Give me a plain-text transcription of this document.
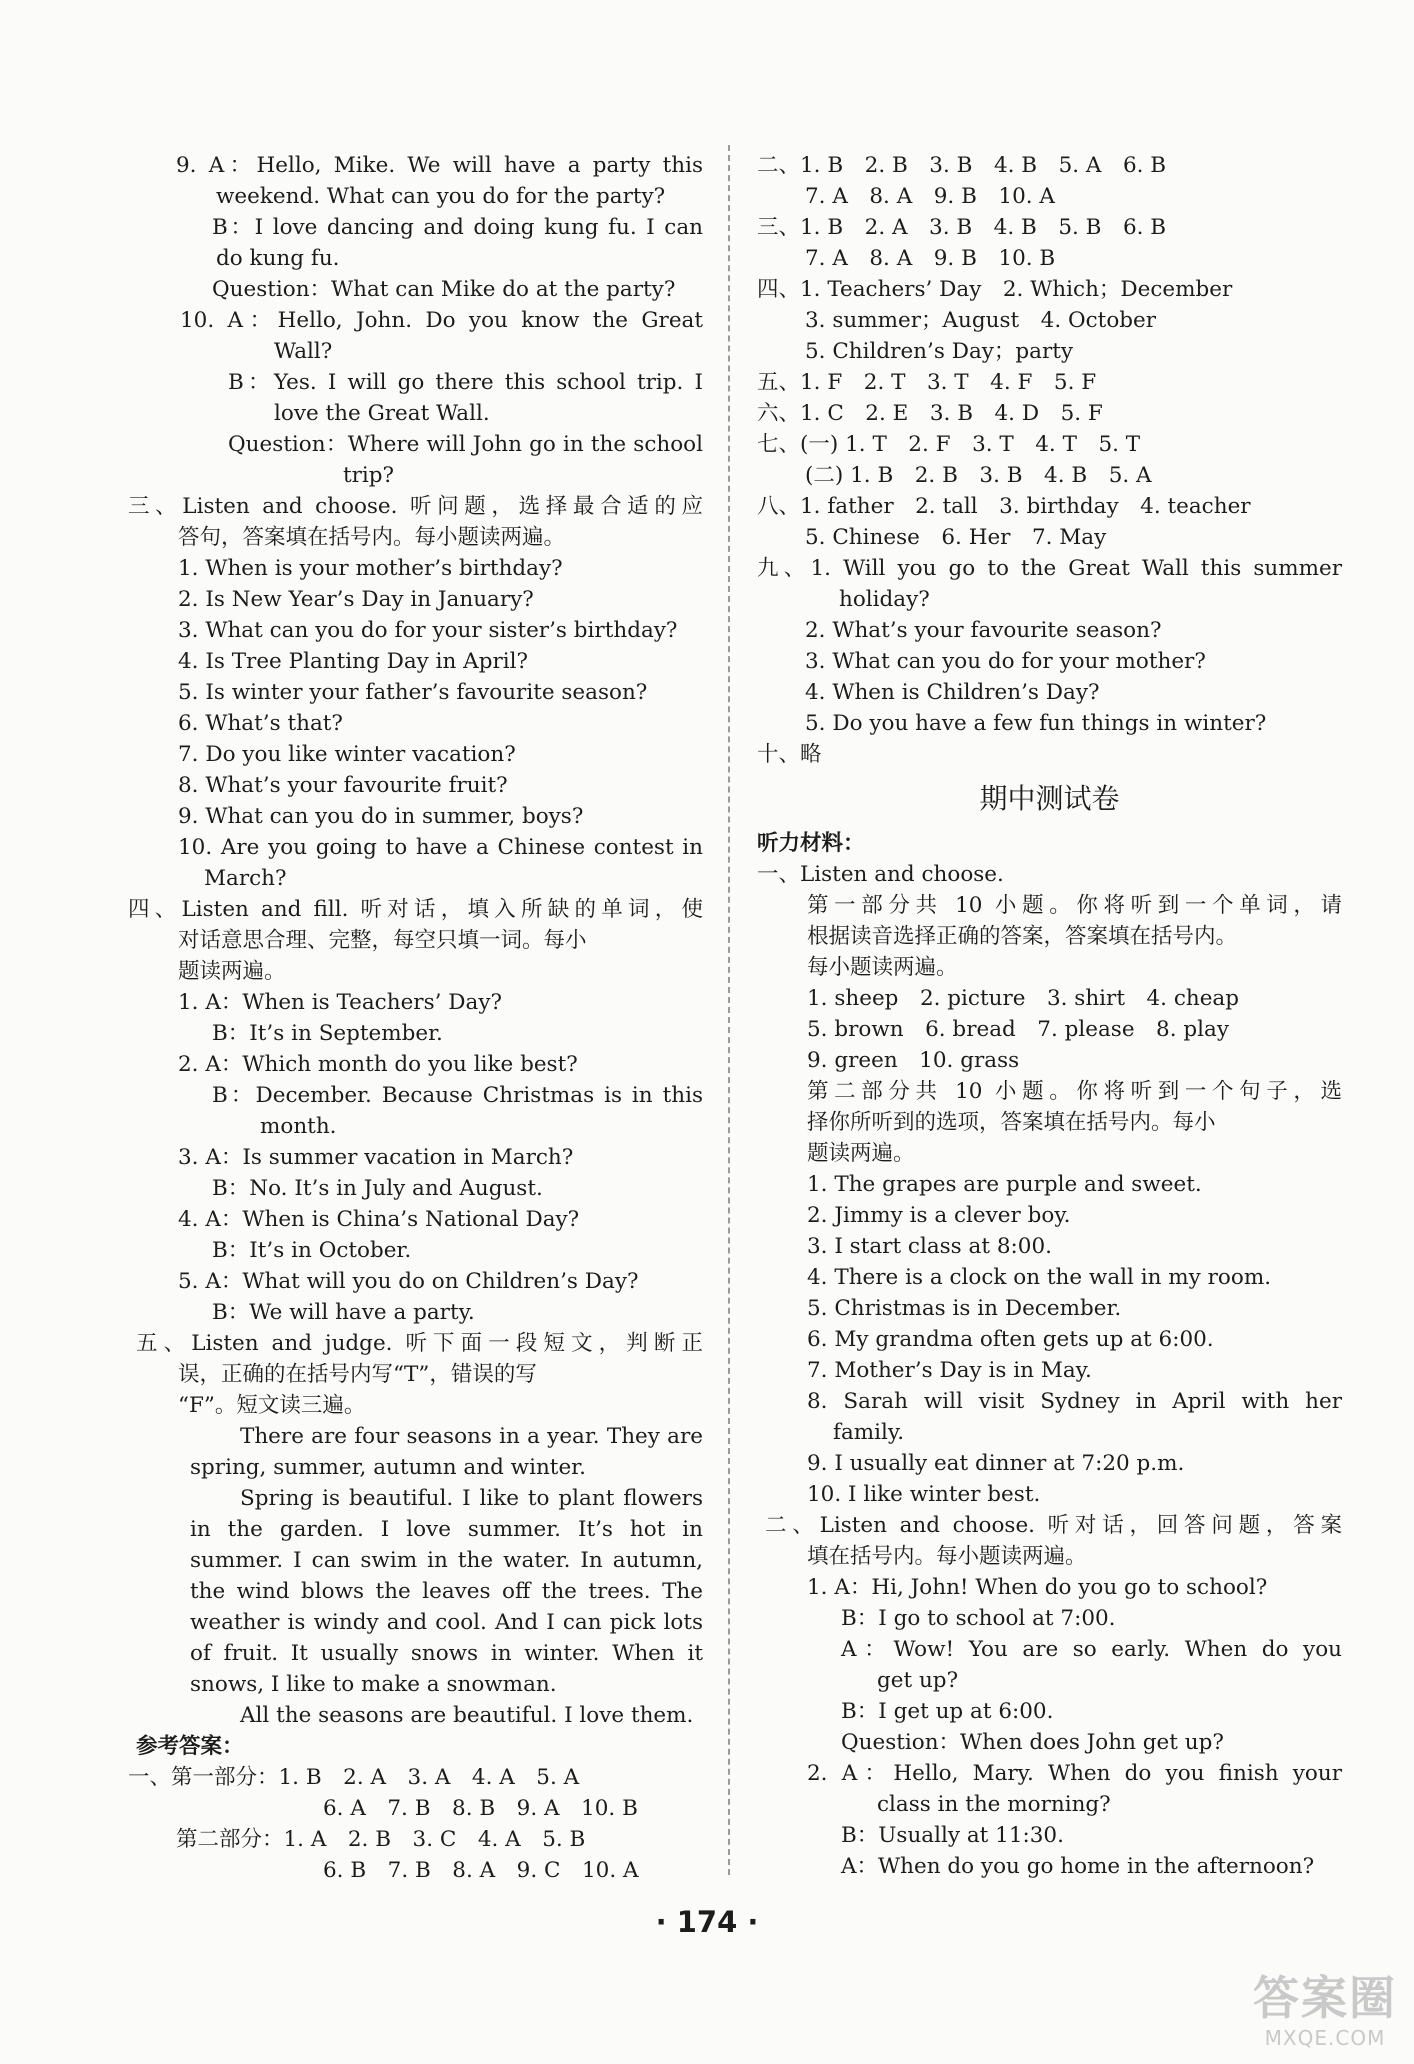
9. A：Hello, Mike. We will have a party this
weekend. What can you do for the party?
B：I love dancing and doing kung fu. I can
do kung fu.
Question：What can Mike do at the party?
10. A：Hello, John. Do you know the Great
Wall?
B：Yes. I will go there this school trip. I
love the Great Wall.
Question：Where will John go in the school
trip?
三、Listen and choose. 听问题，选择最合适的应
答句，答案填在括号内。每小题读两遍。
1. When is your mother’s birthday?
2. Is New Year’s Day in January?
3. What can you do for your sister’s birthday?
4. Is Tree Planting Day in April?
5. Is winter your father’s favourite season?
6. What’s that?
7. Do you like winter vacation?
8. What’s your favourite fruit?
9. What can you do in summer, boys?
10. Are you going to have a Chinese contest in
March?
四、Listen and fill. 听对话，填入所缺的单词，使
对话意思合理、完整，每空只填一词。每小
题读两遍。
1. A：When is Teachers’ Day?
B：It’s in September.
2. A：Which month do you like best?
B：December. Because Christmas is in this
month.
3. A：Is summer vacation in March?
B：No. It’s in July and August.
4. A：When is China’s National Day?
B：It’s in October.
5. A：What will you do on Children’s Day?
B：We will have a party.
五、Listen and judge. 听下面一段短文，判断正
误，正确的在括号内写“T”，错误的写
“F”。短文读三遍。
There are four seasons in a year. They are
spring, summer, autumn and winter.
Spring is beautiful. I like to plant flowers
in the garden. I love summer. It’s hot in
summer. I can swim in the water. In autumn,
the wind blows the leaves off the trees. The
weather is windy and cool. And I can pick lots
of fruit. It usually snows in winter. When it
snows, I like to make a snowman.
All the seasons are beautiful. I love them.
参考答案：
一、第一部分：1. B　2. A　3. A　4. A　5. A
6. A　7. B　8. B　9. A　10. B
第二部分：1. A　2. B　3. C　4. A　5. B
6. B　7. B　8. A　9. C　10. A
二、1. B　2. B　3. B　4. B　5. A　6. B
7. A　8. A　9. B　10. A
三、1. B　2. A　3. B　4. B　5. B　6. B
7. A　8. A　9. B　10. B
四、1. Teachers’ Day　2. Which；December
3. summer；August　4. October
5. Children’s Day；party
五、1. F　2. T　3. T　4. F　5. F
六、1. C　2. E　3. B　4. D　5. F
七、(一) 1. T　2. F　3. T　4. T　5. T
(二) 1. B　2. B　3. B　4. B　5. A
八、1. father　2. tall　3. birthday　4. teacher
5. Chinese　6. Her　7. May
九、1. Will you go to the Great Wall this summer
holiday?
2. What’s your favourite season?
3. What can you do for your mother?
4. When is Children’s Day?
5. Do you have a few fun things in winter?
十、略
期中测试卷
听力材料：
一、Listen and choose.
第一部分共 10 小题。你将听到一个单词，请
根据读音选择正确的答案，答案填在括号内。
每小题读两遍。
1. sheep　2. picture　3. shirt　4. cheap
5. brown　6. bread　7. please　8. play
9. green　10. grass
第二部分共 10 小题。你将听到一个句子，选
择你所听到的选项，答案填在括号内。每小
题读两遍。
1. The grapes are purple and sweet.
2. Jimmy is a clever boy.
3. I start class at 8:00.
4. There is a clock on the wall in my room.
5. Christmas is in December.
6. My grandma often gets up at 6:00.
7. Mother’s Day is in May.
8. Sarah will visit Sydney in April with her
family.
9. I usually eat dinner at 7:20 p.m.
10. I like winter best.
二、Listen and choose. 听对话，回答问题，答案
填在括号内。每小题读两遍。
1. A：Hi, John! When do you go to school?
B：I go to school at 7:00.
A：Wow! You are so early. When do you
get up?
B：I get up at 6:00.
Question：When does John get up?
2. A：Hello, Mary. When do you finish your
class in the morning?
B：Usually at 11:30.
A：When do you go home in the afternoon?
· 174 ·
答案圈
MXQE.COM
